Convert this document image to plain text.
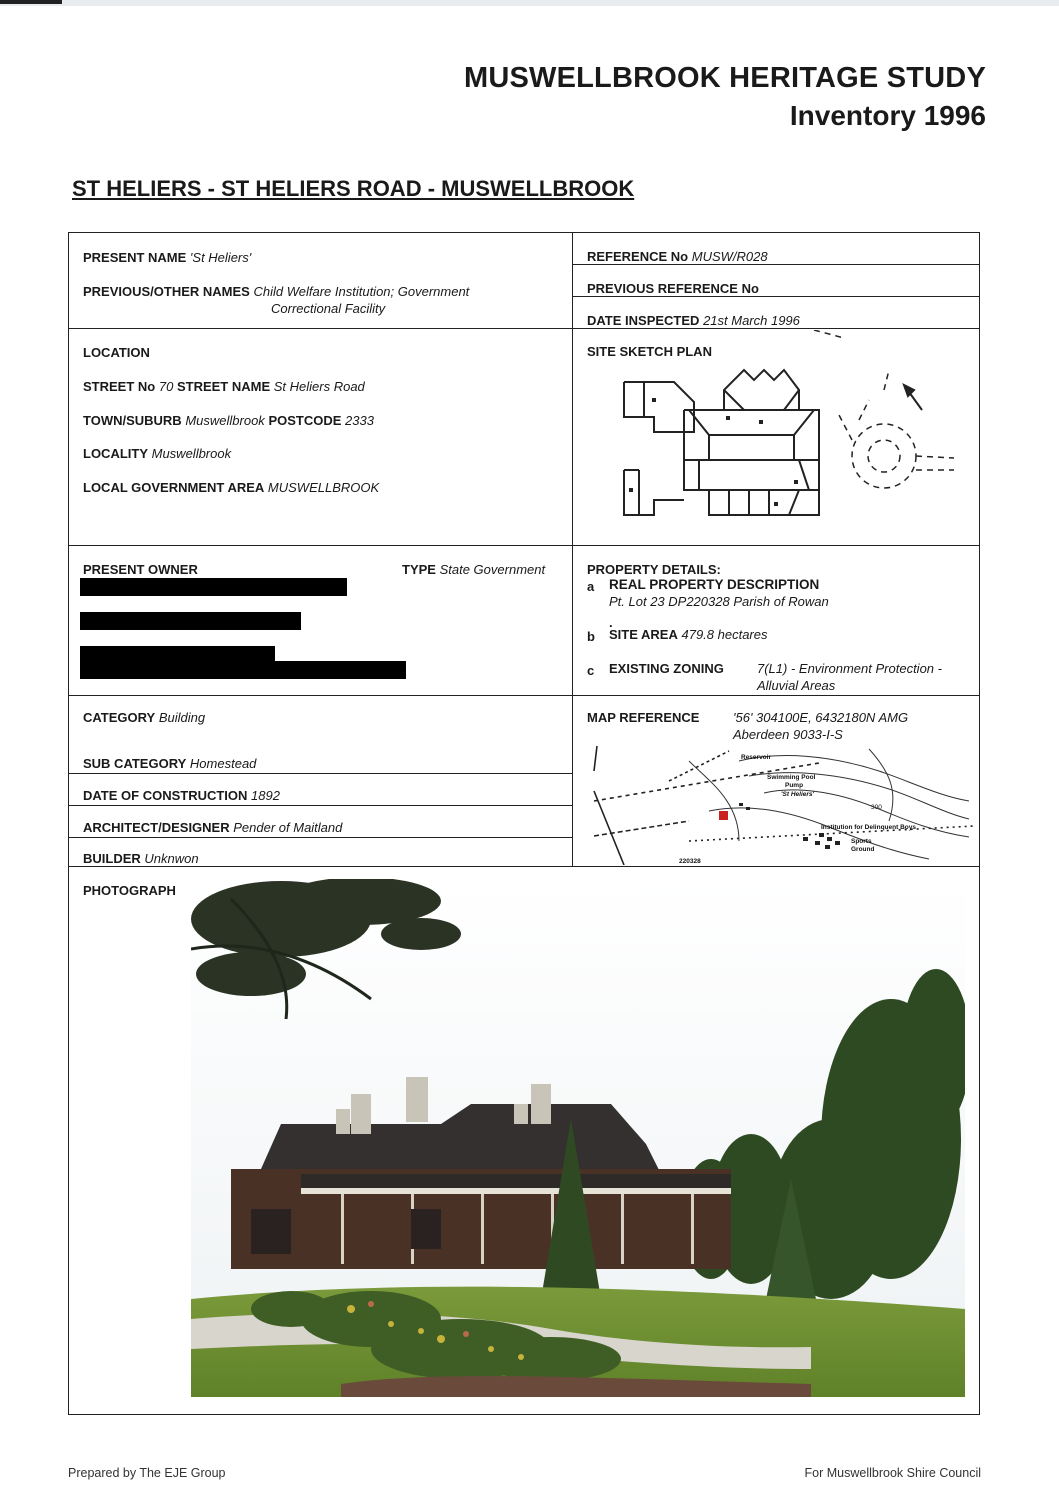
MUSWELLBROOK HERITAGE STUDY
Inventory 1996
ST HELIERS - ST HELIERS ROAD - MUSWELLBROOK
PRESENT NAME 'St Heliers'
PREVIOUS/OTHER NAMES Child Welfare Institution; Government
Correctional Facility
LOCATION
STREET No 70 STREET NAME St Heliers Road
TOWN/SUBURB Muswellbrook POSTCODE 2333
LOCALITY Muswellbrook
LOCAL GOVERNMENT AREA MUSWELLBROOK
PRESENT OWNER	TYPE State Government
CATEGORY Building
SUB CATEGORY Homestead
DATE OF CONSTRUCTION 1892
ARCHITECT/DESIGNER Pender of Maitland
BUILDER Unknwon
REFERENCE No MUSW/R028
PREVIOUS REFERENCE No
DATE INSPECTED 21st March 1996
SITE SKETCH PLAN
PROPERTY DETAILS:
a REAL PROPERTY DESCRIPTION
Pt. Lot 23 DP220328 Parish of Rowan
.
b SITE AREA 479.8 hectares
c EXISTING ZONING	7(L1) - Environment Protection -
Alluvial Areas
MAP REFERENCE	'56' 304100E, 6432180N AMG
Aberdeen 9033-I-S
Reservoir
Swimming Pool
Pump
'St Heliers'
300
Institution for Delinquent Boys
Sports
Ground
220328
PHOTOGRAPH
Prepared by The EJE Group	For Muswellbrook Shire Council
